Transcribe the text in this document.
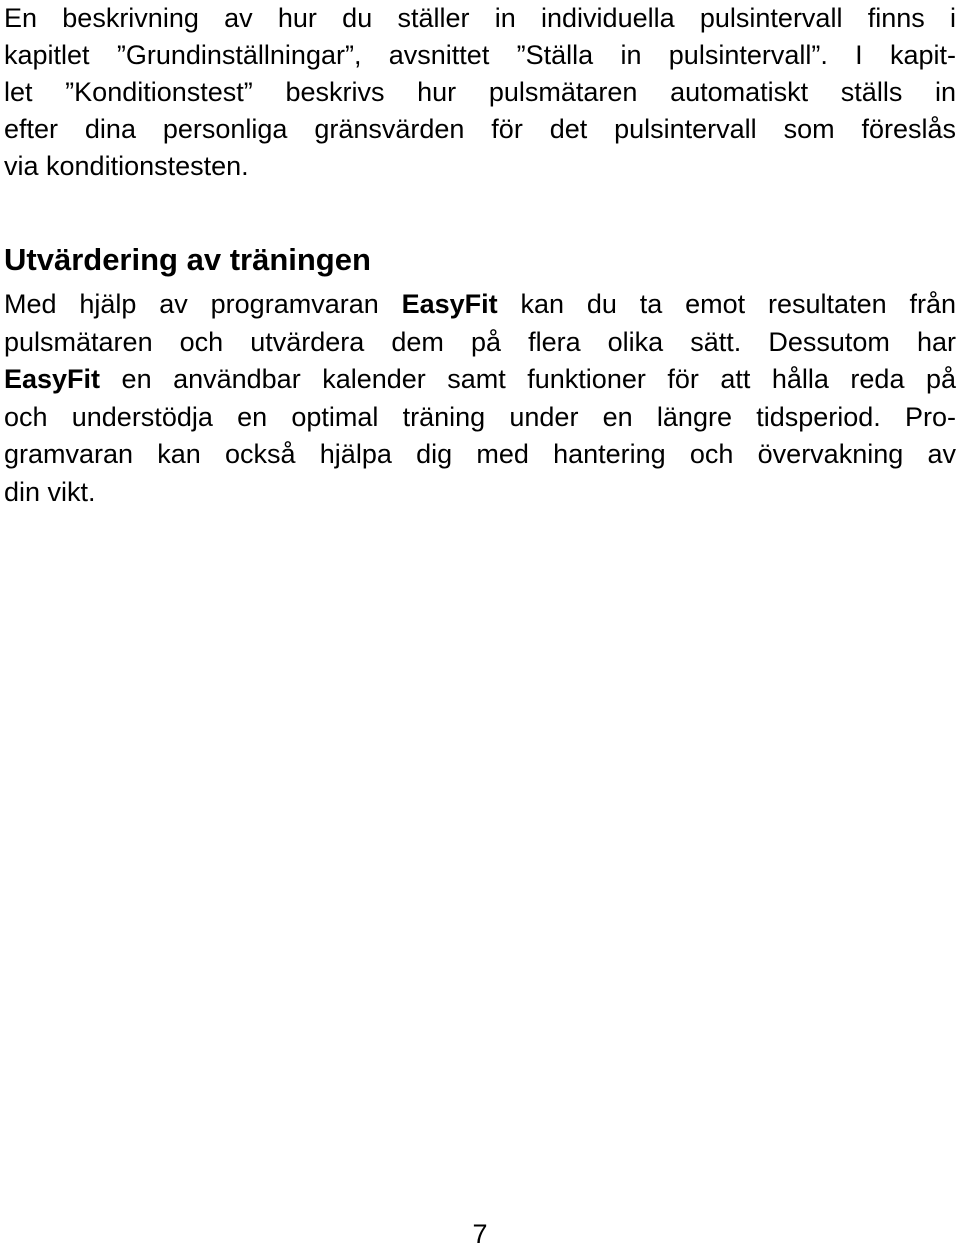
En beskrivning av hur du ställer in individuella pulsintervall finns i
kapitlet ”Grundinställningar”, avsnittet ”Ställa in pulsintervall”. I kapit-
let ”Konditionstest” beskrivs hur pulsmätaren automatiskt ställs in
efter dina personliga gränsvärden för det pulsintervall som föreslås
via konditionstesten.
Utvärdering av träningen
Med hjälp av programvaran EasyFit kan du ta emot resultaten från
pulsmätaren och utvärdera dem på flera olika sätt. Dessutom har
EasyFit en användbar kalender samt funktioner för att hålla reda på
och understödja en optimal träning under en längre tidsperiod. Pro-
gramvaran kan också hjälpa dig med hantering och övervakning av
din vikt.
7
